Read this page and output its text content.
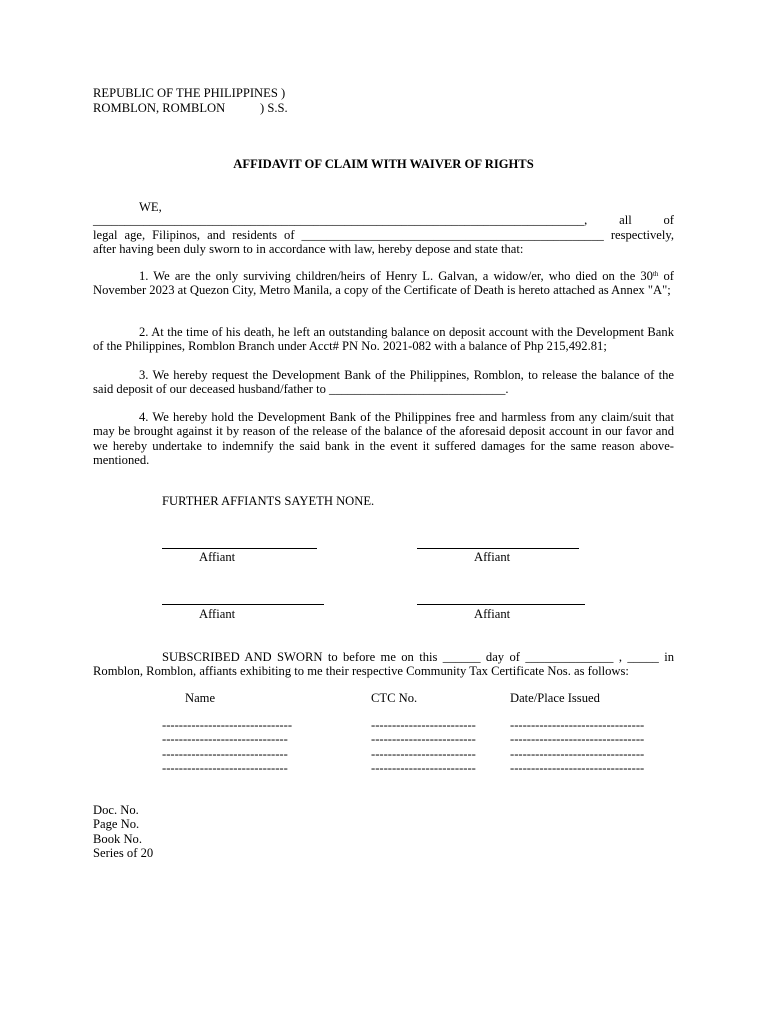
REPUBLIC OF THE PHILIPPINES )
ROMBLON, ROMBLON	) S.S.
AFFIDAVIT OF CLAIM WITH WAIVER OF RIGHTS
WE,
______________________________________________________________________________, all of
legal age, Filipinos, and residents of ________________________________________________ respectively,
after having been duly sworn to in accordance with law, hereby depose and state that:
1. We are the only surviving children/heirs of Henry L. Galvan, a widow/er, who died on the 30th of November 2023 at Quezon City, Metro Manila, a copy of the Certificate of Death is hereto attached as Annex "A";
2. At the time of his death, he left an outstanding balance on deposit account with the Development Bank of the Philippines, Romblon Branch under Acct# PN No. 2021-082 with a balance of Php 215,492.81;
3. We hereby request the Development Bank of the Philippines, Romblon, to release the balance of the said deposit of our deceased husband/father to ____________________________.
4. We hereby hold the Development Bank of the Philippines free and harmless from any claim/suit that may be brought against it by reason of the release of the balance of the aforesaid deposit account in our favor and we hereby undertake to indemnify the said bank in the event it suffered damages for the same reason above-mentioned.
FURTHER AFFIANTS SAYETH NONE.
Affiant	Affiant
Affiant	Affiant
SUBSCRIBED AND SWORN to before me on this ______ day of ______________ , _____ in
Romblon, Romblon, affiants exhibiting to me their respective Community Tax Certificate Nos. as follows:
Name	CTC No.	Date/Place Issued
-------------------------------	-------------------------	--------------------------------
------------------------------	-------------------------	--------------------------------
------------------------------	-------------------------	--------------------------------
------------------------------	-------------------------	--------------------------------
Doc. No.
Page No.
Book No.
Series of 20
